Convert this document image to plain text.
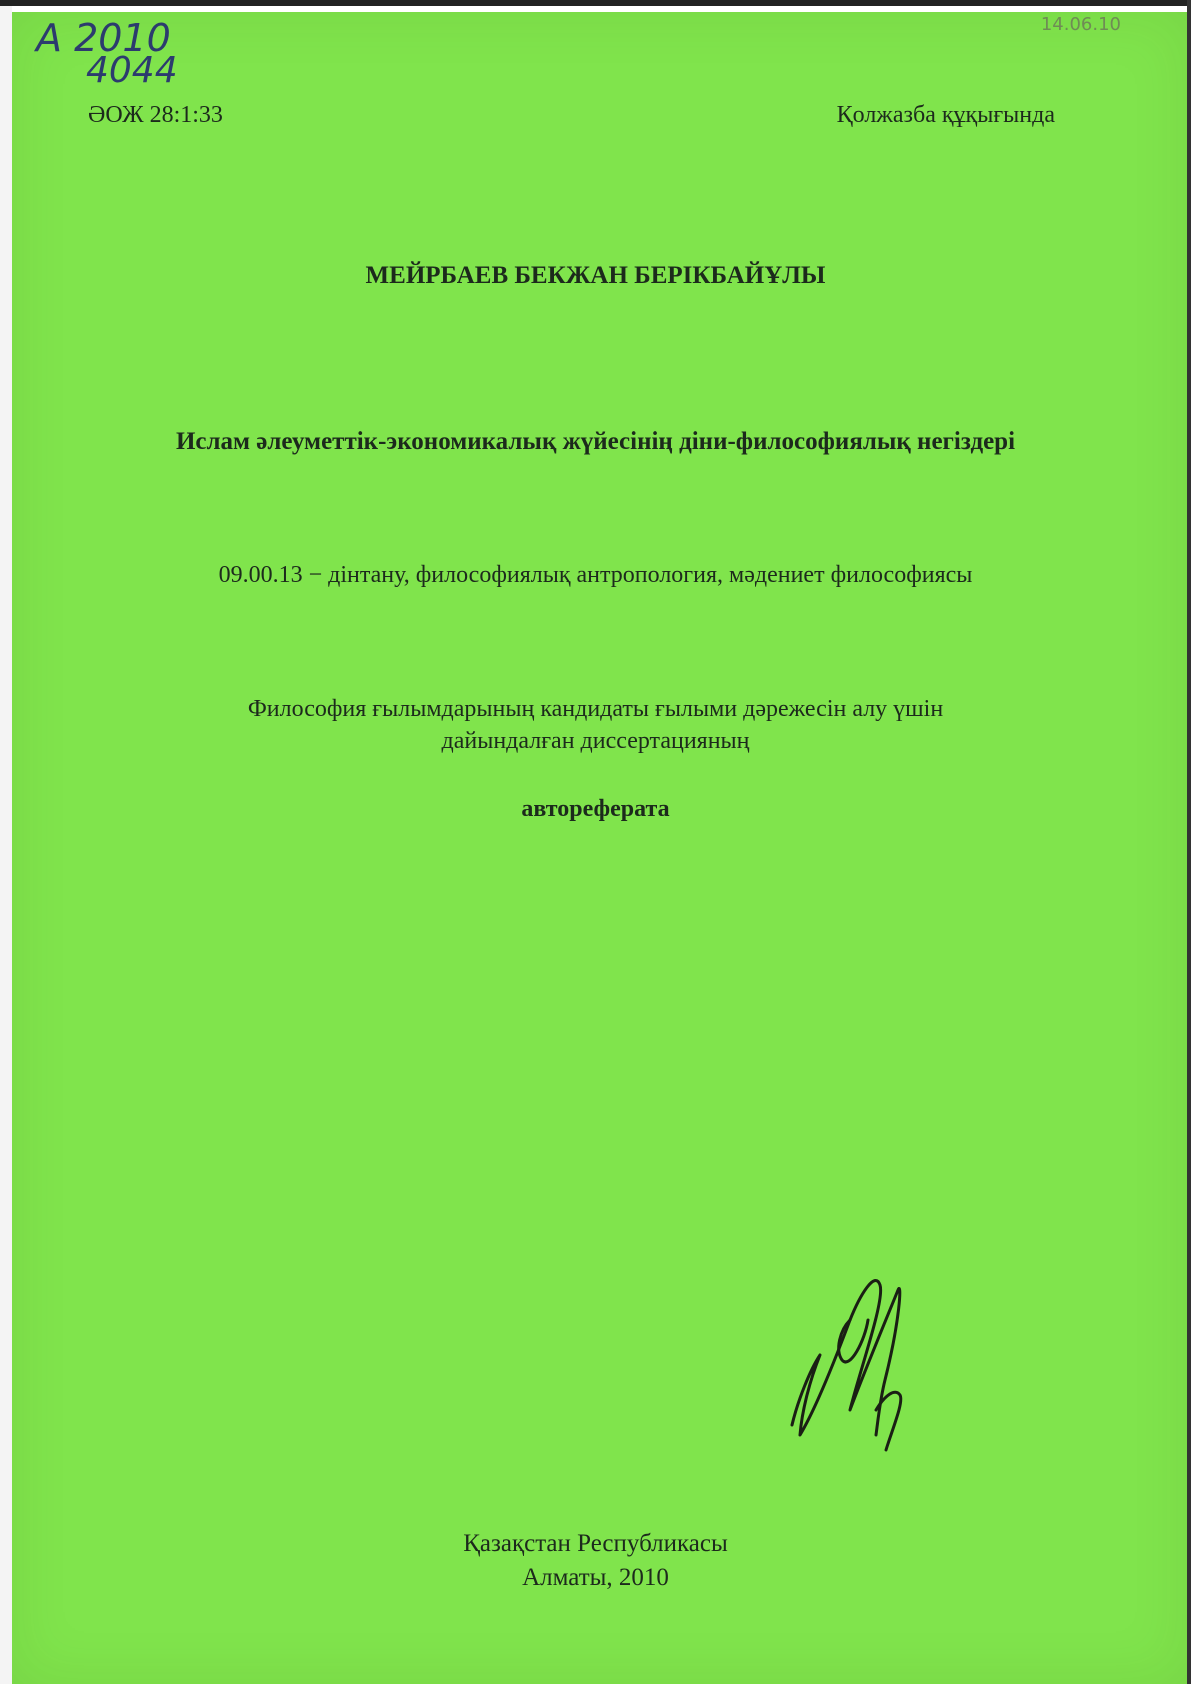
A 2010
4044
14.06.10
ӘОЖ 28:1:33	Қолжазба құқығында
МЕЙРБАЕВ БЕКЖАН БЕРІКБАЙҰЛЫ
Ислам әлеуметтік-экономикалық жүйесінің діни-философиялық негіздері
09.00.13 − дінтану, философиялық антропология, мәдениет философиясы
Философия ғылымдарының кандидаты ғылыми дәрежесін алу үшін
дайындалған диссертацияның
автореферата
Қазақстан Республикасы
Алматы, 2010
